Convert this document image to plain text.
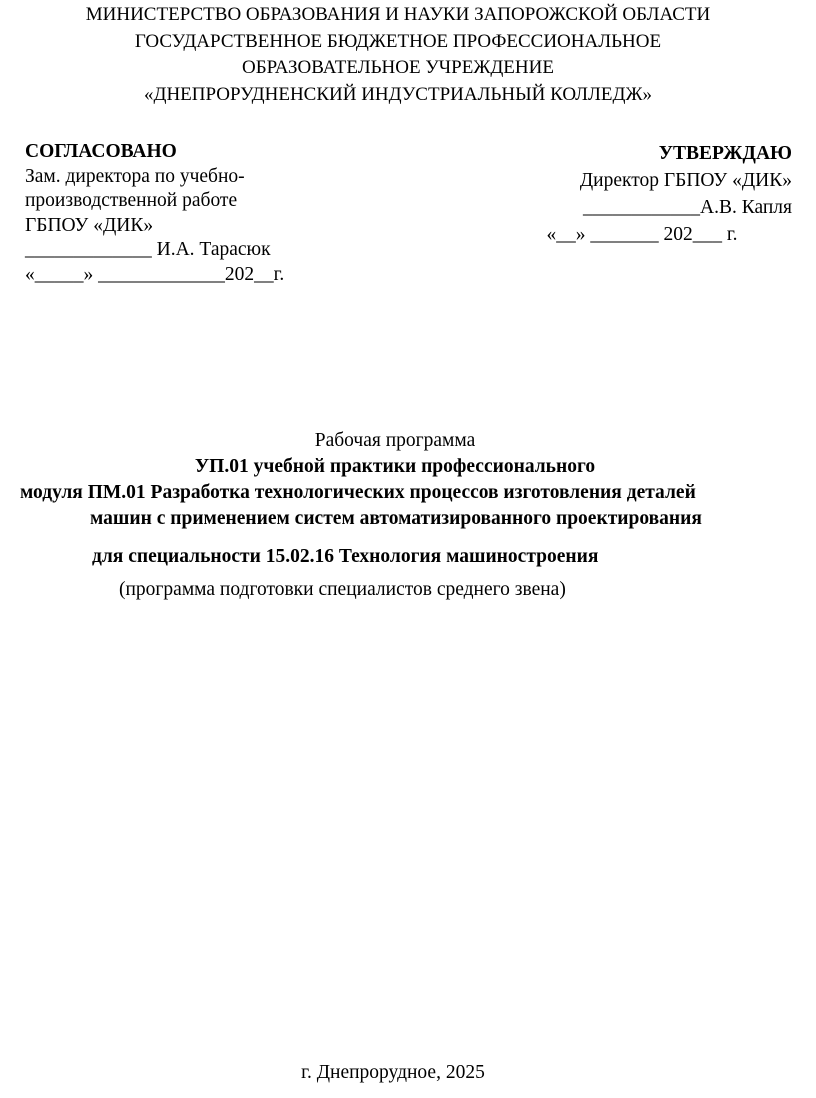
МИНИСТЕРСТВО ОБРАЗОВАНИЯ И НАУКИ ЗАПОРОЖСКОЙ ОБЛАСТИ
ГОСУДАРСТВЕННОЕ БЮДЖЕТНОЕ ПРОФЕССИОНАЛЬНОЕ
ОБРАЗОВАТЕЛЬНОЕ УЧРЕЖДЕНИЕ
«ДНЕПРОРУДНЕНСКИЙ ИНДУСТРИАЛЬНЫЙ КОЛЛЕДЖ»
СОГЛАСОВАНО
Зам. директора по учебно-
производственной работе
ГБПОУ «ДИК»
_____________ И.А. Тарасюк
«_____» _____________202__г.
УТВЕРЖДАЮ
Директор ГБПОУ «ДИК»
____________А.В. Капля
«__» _______ 202___ г.
Рабочая программа
УП.01 учебной практики профессионального
модуля ПМ.01 Разработка технологических процессов изготовления деталей
машин с применением систем автоматизированного проектирования
для специальности 15.02.16 Технология машиностроения
(программа подготовки специалистов среднего звена)
г. Днепрорудное, 2025
